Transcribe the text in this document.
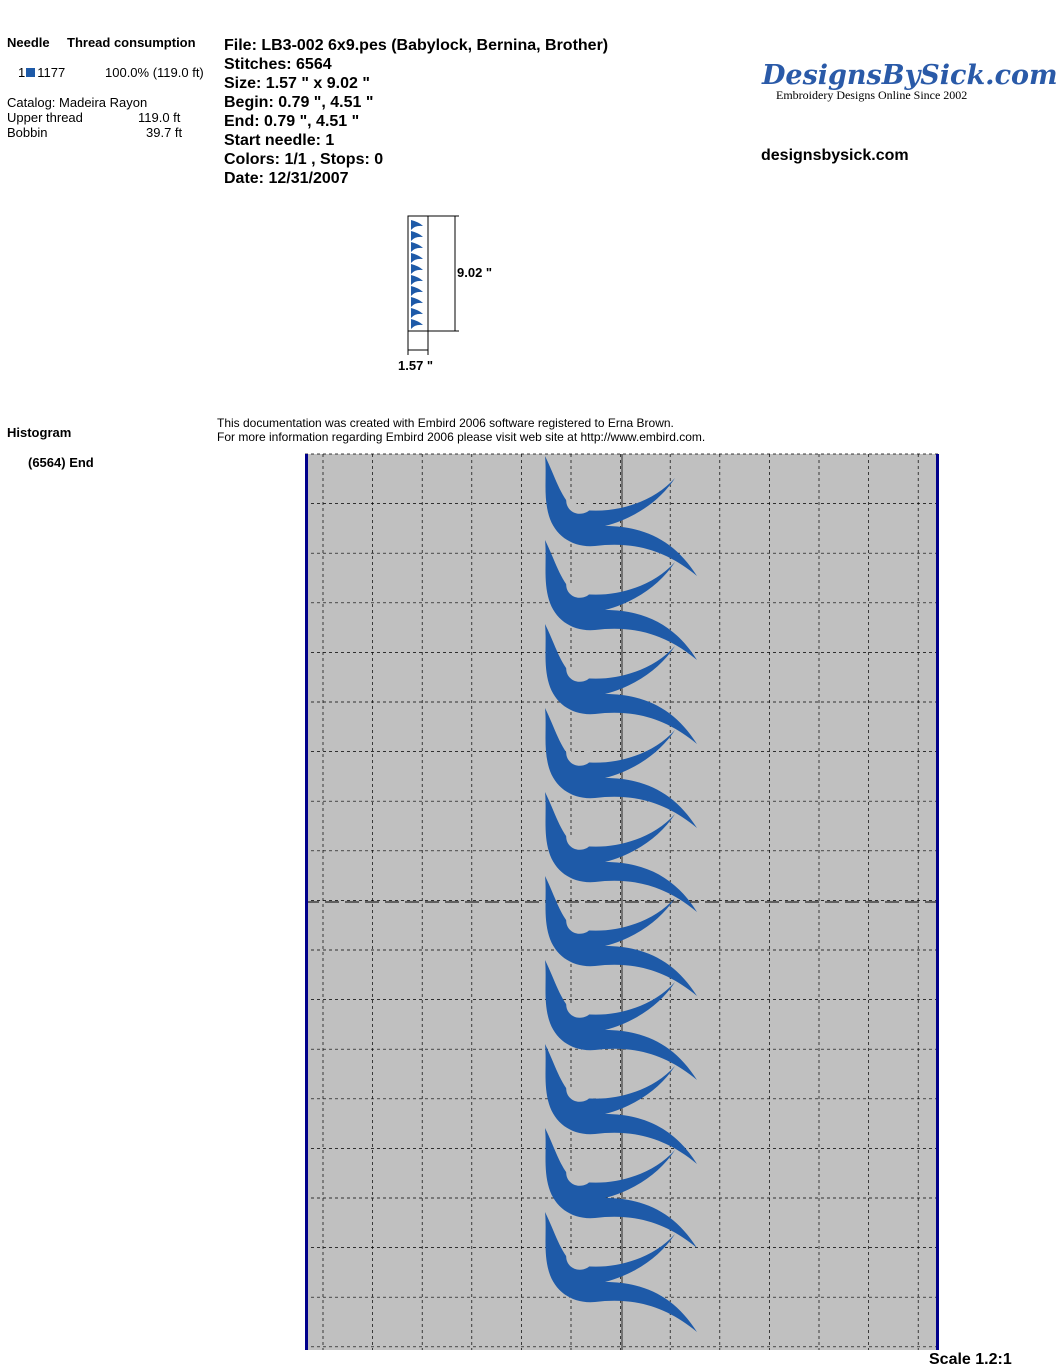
Needle Thread consumption
1 1177	100.0% (119.0 ft)
Catalog: Madeira Rayon
Upper thread	119.0 ft
Bobbin	39.7 ft
File: LB3-002 6x9.pes (Babylock, Bernina, Brother)
Stitches: 6564
Size: 1.57 " x 9.02 "
Begin: 0.79 ", 4.51 "
End: 0.79 ", 4.51 "
Start needle: 1
Colors: 1/1 , Stops: 0
Date: 12/31/2007
DesignsBySick.com
Embroidery Designs Online Since 2002
designsbysick.com
9.02 "
1.57 "
Histogram
(6564) End
This documentation was created with Embird 2006 software registered to Erna Brown.
For more information regarding Embird 2006 please visit web site at http://www.embird.com.
Scale 1.2:1
